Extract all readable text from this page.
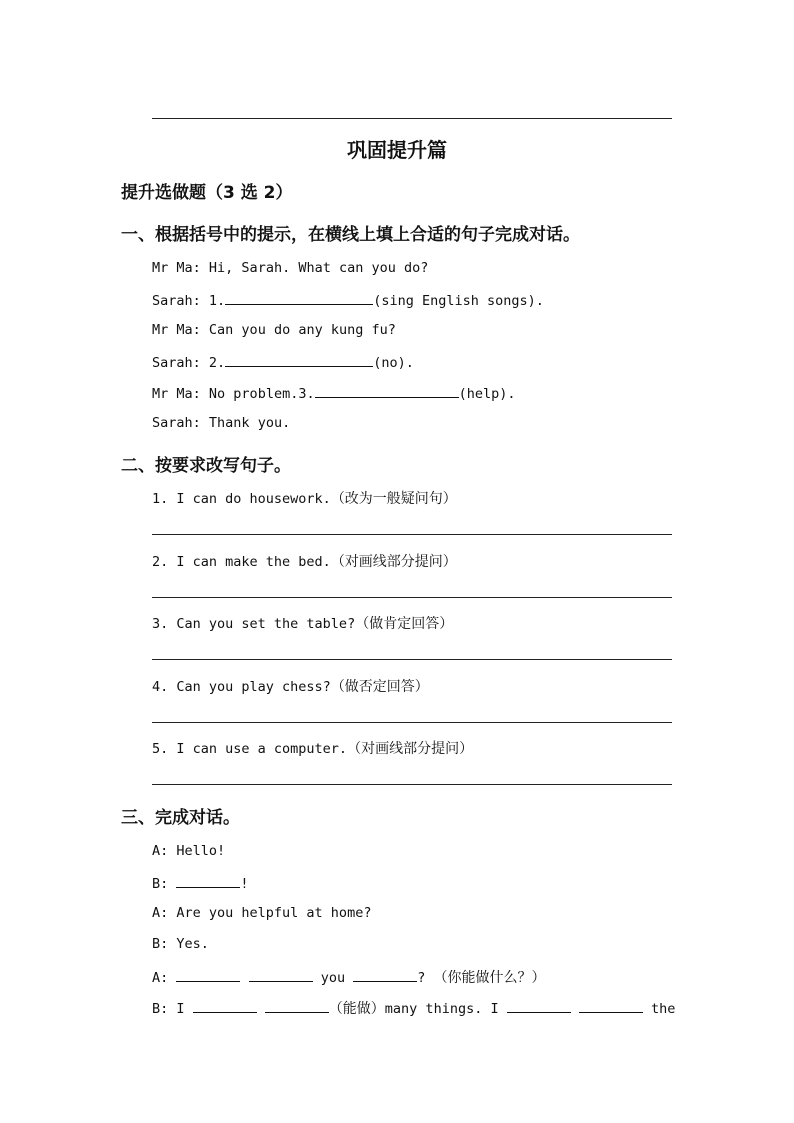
巩固提升篇
提升选做题（3 选 2）
一、根据括号中的提示，在横线上填上合适的句子完成对话。
Mr Ma: Hi, Sarah. What can you do?
Sarah: 1.	(sing English songs).
Mr Ma: Can you do any kung fu?
Sarah: 2.	(no).
Mr Ma: No problem.3.	(help).
Sarah: Thank you.
二、按要求改写句子。
1. I can do housework.（改为一般疑问句）
2. I can make the bed.（对画线部分提问）
3. Can you set the table?（做肯定回答）
4. Can you play chess?（做否定回答）
5. I can use a computer.（对画线部分提问）
三、完成对话。
A: Hello!
B:	!
A: Are you helpful at home?
B: Yes.
A:	you	? （你能做什么？）
B: I	（能做）many things. I	the
